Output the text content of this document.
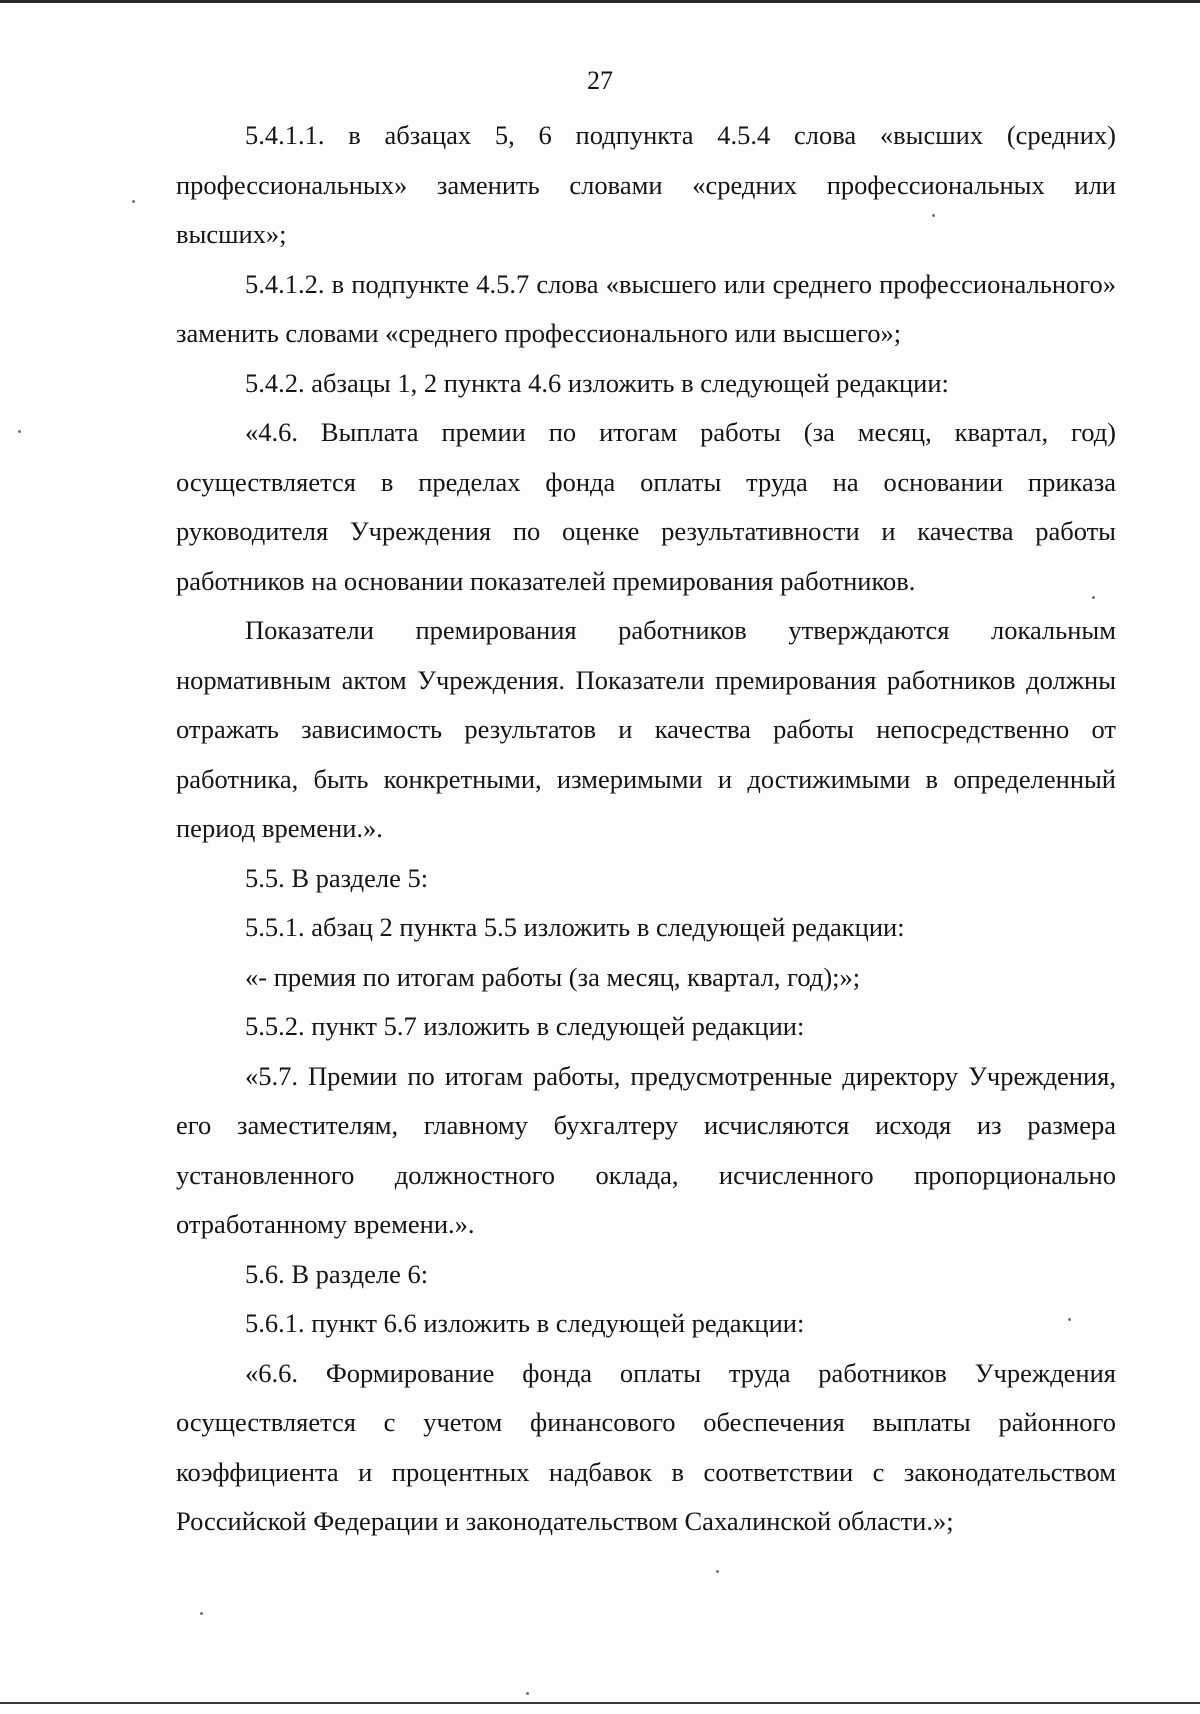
27

5.4.1.1. в абзацах 5, 6 подпункта 4.5.4 слова «высших (средних) профессиональных» заменить словами «средних профессиональных или высших»;

5.4.1.2. в подпункте 4.5.7 слова «высшего или среднего профессионального» заменить словами «среднего профессионального или высшего»;

5.4.2. абзацы 1, 2 пункта 4.6 изложить в следующей редакции:

«4.6. Выплата премии по итогам работы (за месяц, квартал, год) осуществляется в пределах фонда оплаты труда на основании приказа руководителя Учреждения по оценке результативности и качества работы работников на основании показателей премирования работников.

Показатели премирования работников утверждаются локальным нормативным актом Учреждения. Показатели премирования работников должны отражать зависимость результатов и качества работы непосредственно от работника, быть конкретными, измеримыми и достижимыми в определенный период времени.».

5.5. В разделе 5:

5.5.1. абзац 2 пункта 5.5 изложить в следующей редакции:

«- премия по итогам работы (за месяц, квартал, год);»;

5.5.2. пункт 5.7 изложить в следующей редакции:

«5.7. Премии по итогам работы, предусмотренные директору Учреждения, его заместителям, главному бухгалтеру исчисляются исходя из размера установленного должностного оклада, исчисленного пропорционально отработанному времени.».

5.6. В разделе 6:

5.6.1. пункт 6.6 изложить в следующей редакции:

«6.6. Формирование фонда оплаты труда работников Учреждения осуществляется с учетом финансового обеспечения выплаты районного коэффициента и процентных надбавок в соответствии с законодательством Российской Федерации и законодательством Сахалинской области.»;
